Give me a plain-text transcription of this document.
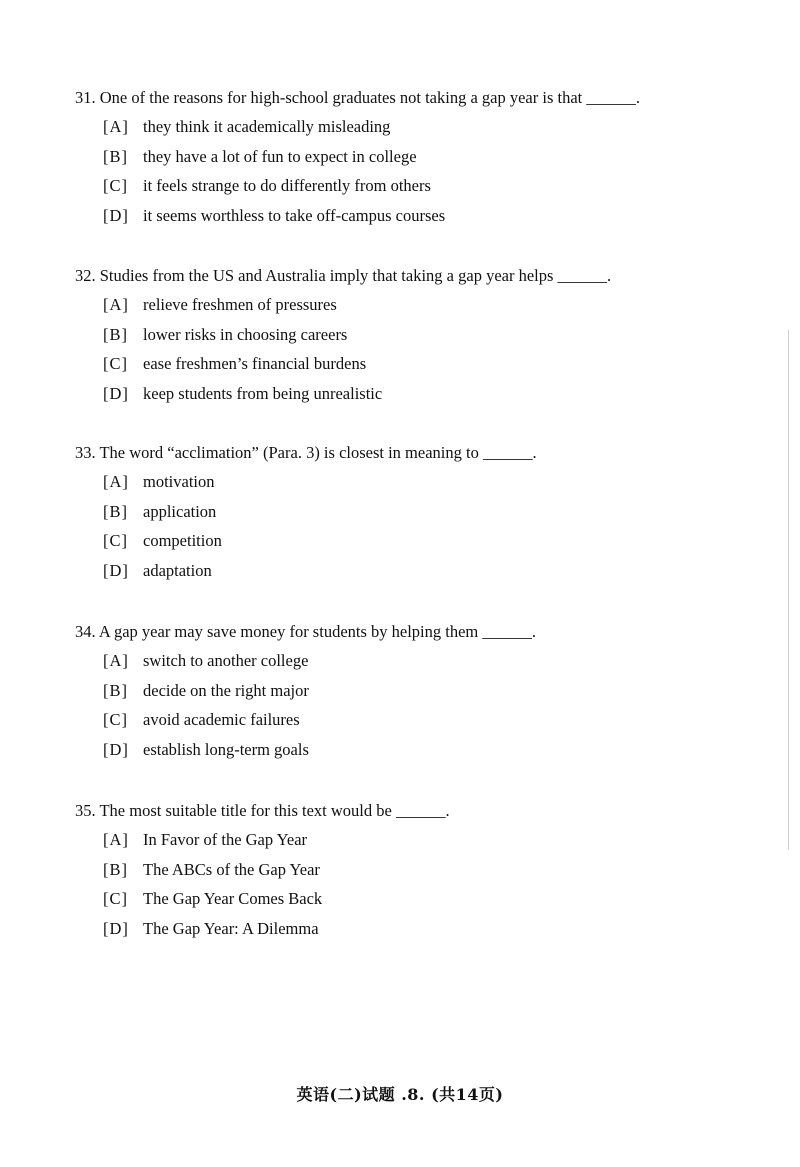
31. One of the reasons for high-school graduates not taking a gap year is that ______.
[A] they think it academically misleading
[B] they have a lot of fun to expect in college
[C] it feels strange to do differently from others
[D] it seems worthless to take off-campus courses
32. Studies from the US and Australia imply that taking a gap year helps ______.
[A] relieve freshmen of pressures
[B] lower risks in choosing careers
[C] ease freshmen’s financial burdens
[D] keep students from being unrealistic
33. The word “acclimation” (Para. 3) is closest in meaning to ______.
[A] motivation
[B] application
[C] competition
[D] adaptation
34. A gap year may save money for students by helping them ______.
[A] switch to another college
[B] decide on the right major
[C] avoid academic failures
[D] establish long-term goals
35. The most suitable title for this text would be ______.
[A] In Favor of the Gap Year
[B] The ABCs of the Gap Year
[C] The Gap Year Comes Back
[D] The Gap Year: A Dilemma
英语(二)试题 .8. (共14页)
